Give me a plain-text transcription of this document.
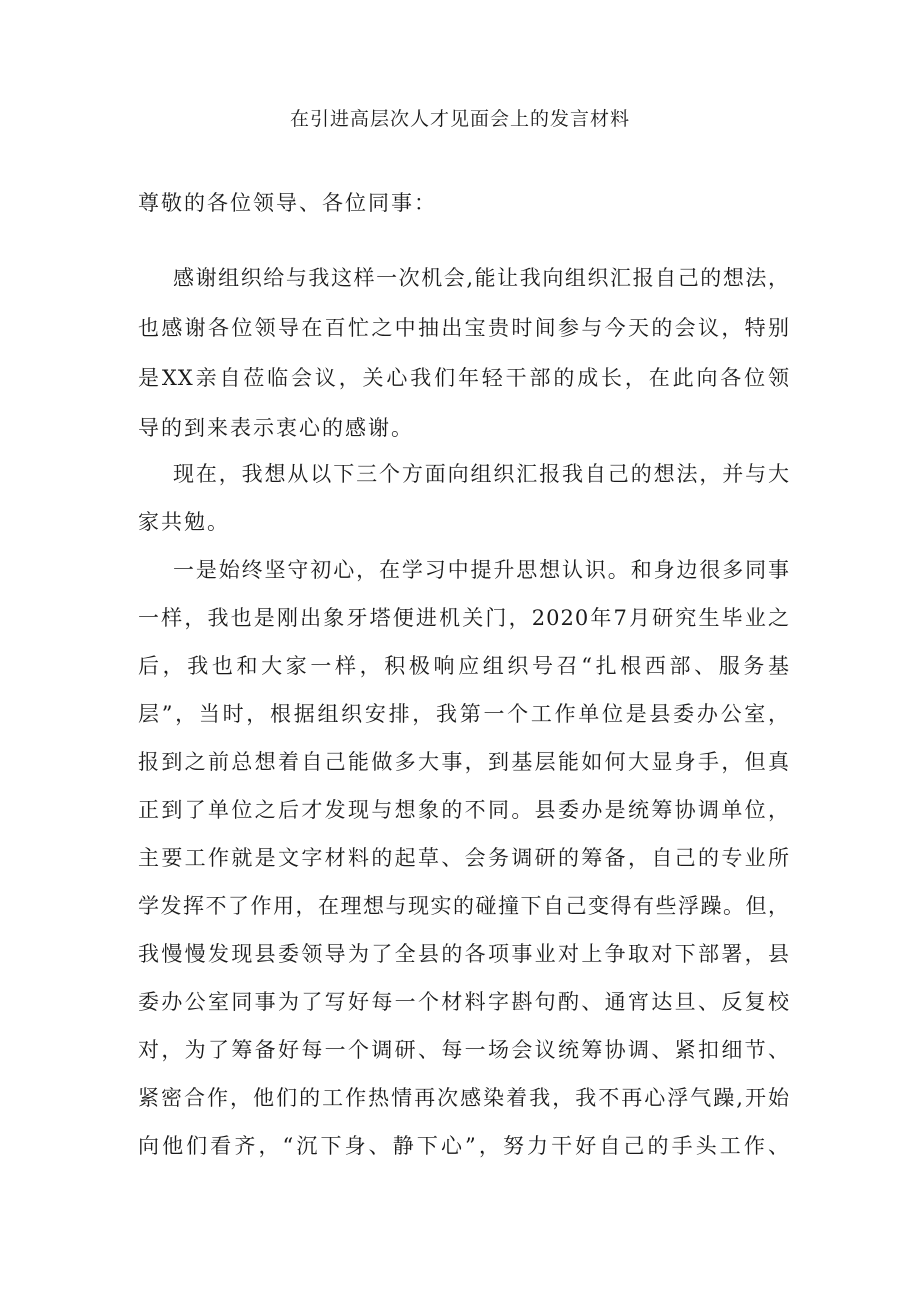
在引进高层次人才见面会上的发言材料
尊敬的各位领导、各位同事：
感谢组织给与我这样一次机会,能让我向组织汇报自己的想法，
也感谢各位领导在百忙之中抽出宝贵时间参与今天的会议，特别
是XX亲自莅临会议，关心我们年轻干部的成长，在此向各位领
导的到来表示衷心的感谢。
现在，我想从以下三个方面向组织汇报我自己的想法，并与大
家共勉。
一是始终坚守初心，在学习中提升思想认识。和身边很多同事
一样，我也是刚出象牙塔便进机关门，2020年7月研究生毕业之
后，我也和大家一样，积极响应组织号召“扎根西部、服务基
层”，当时，根据组织安排，我第一个工作单位是县委办公室，
报到之前总想着自己能做多大事，到基层能如何大显身手，但真
正到了单位之后才发现与想象的不同。县委办是统筹协调单位，
主要工作就是文字材料的起草、会务调研的筹备，自己的专业所
学发挥不了作用，在理想与现实的碰撞下自己变得有些浮躁。但，
我慢慢发现县委领导为了全县的各项事业对上争取对下部署，县
委办公室同事为了写好每一个材料字斟句酌、通宵达旦、反复校
对，为了筹备好每一个调研、每一场会议统筹协调、紧扣细节、
紧密合作，他们的工作热情再次感染着我，我不再心浮气躁,开始
向他们看齐，“沉下身、静下心”，努力干好自己的手头工作、
